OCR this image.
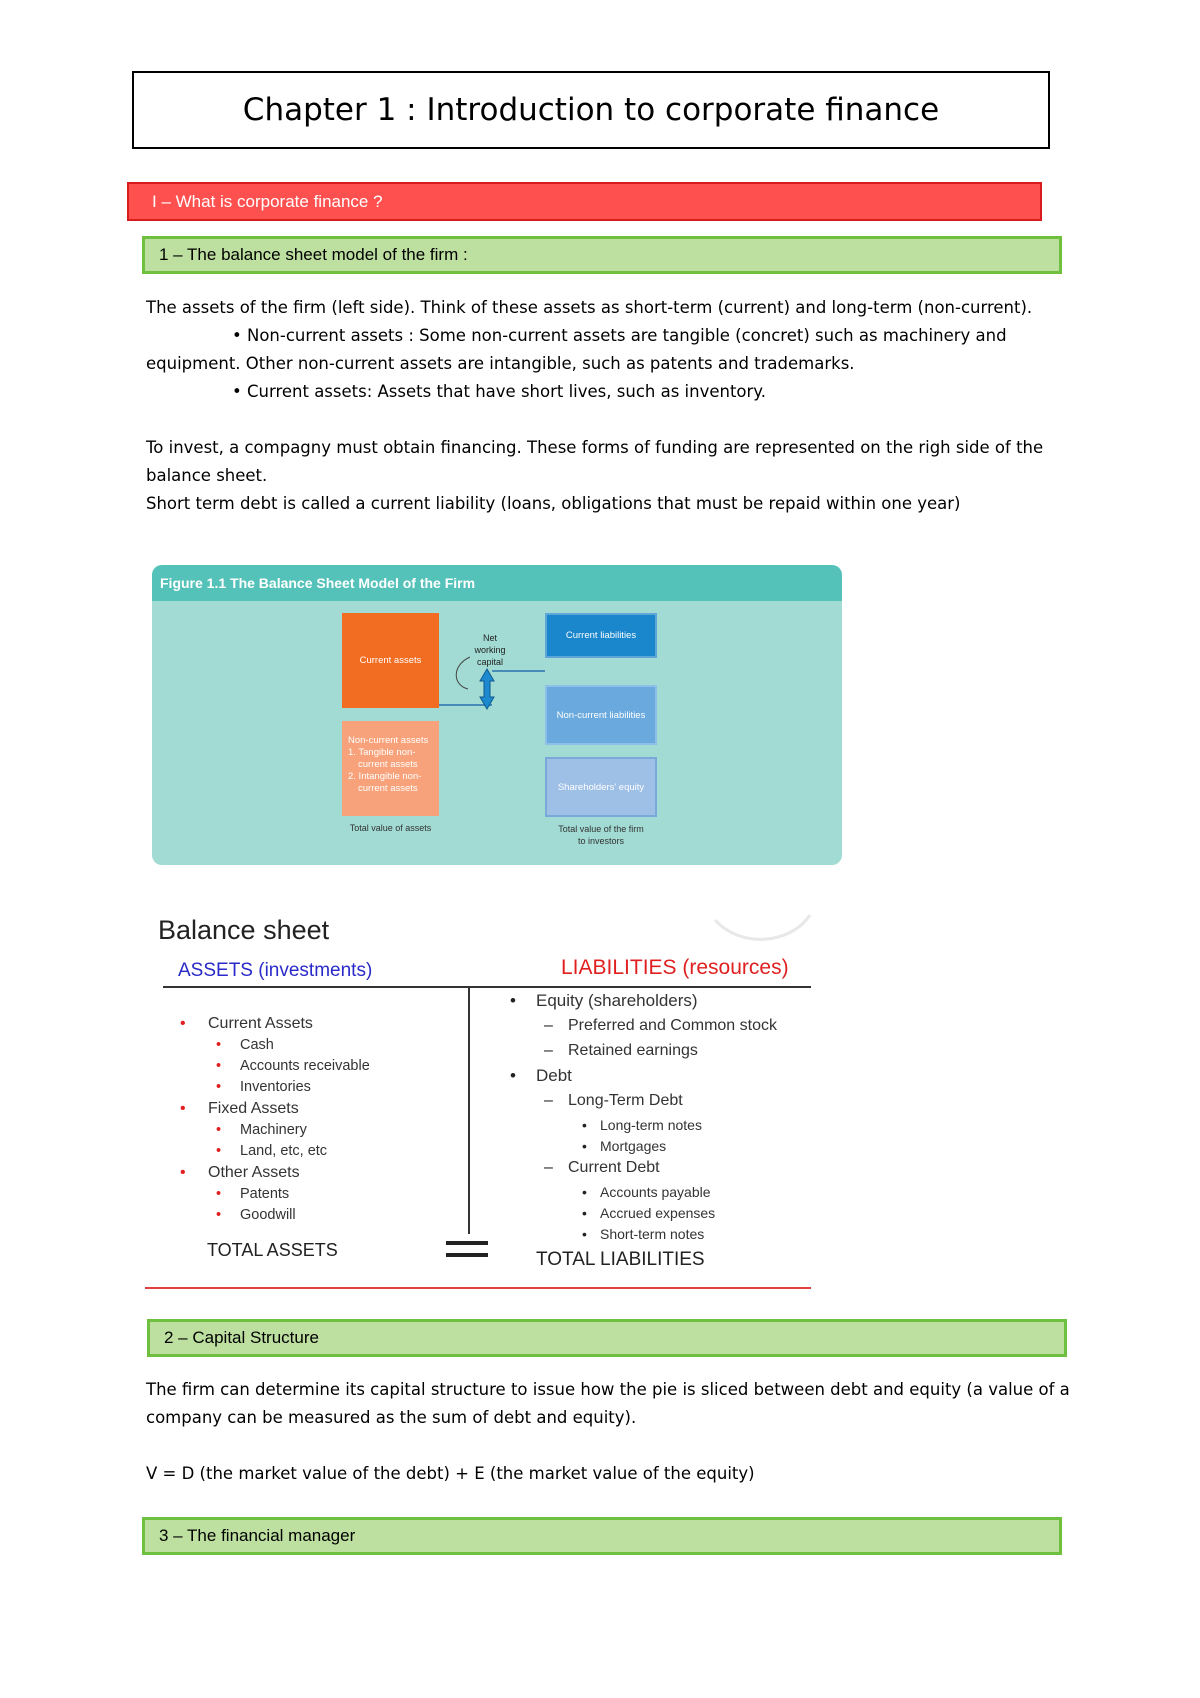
Chapter 1 : Introduction to corporate finance
I – What is corporate finance ?
1 – The balance sheet model of the firm :

The assets of the firm (left side). Think of these assets as short-term (current) and long-term (non-current).

• Non-current assets : Some non-current assets are tangible (concret) such as machinery and

equipment. Other non-current assets are intangible, such as patents and trademarks.

• Current assets: Assets that have short lives, such as inventory.

To invest, a compagny must obtain financing. These forms of funding are represented on the righ side of the

balance sheet.

Short term debt is called a current liability (loans, obligations that must be repaid within one year)

Figure 1.1 The Balance Sheet Model of the Firm
Current assets
Non-current assets
1. Tangible non-
current assets
2. Intangible non-
current assets
Total value of assets
Net
working
capital
Current liabilities
Non-current liabilities
Shareholders' equity
Total value of the firm
to investors
Balance sheet
ASSETS (investments)	LIABILITIES (resources)
• Current Assets
• Cash
• Accounts receivable
• Inventories
• Fixed Assets
• Machinery
• Land, etc, etc
• Other Assets
• Patents
• Goodwill
TOTAL ASSETS
• Equity (shareholders)
– Preferred and Common stock
– Retained earnings
• Debt
– Long-Term Debt
• Long-term notes
• Mortgages
– Current Debt
• Accounts payable
• Accrued expenses
• Short-term notes
TOTAL LIABILITIES
2 – Capital Structure

The firm can determine its capital structure to issue how the pie is sliced between debt and equity (a value of a

company can be measured as the sum of debt and equity).

V = D (the market value of the debt) + E (the market value of the equity)

3 – The financial manager
